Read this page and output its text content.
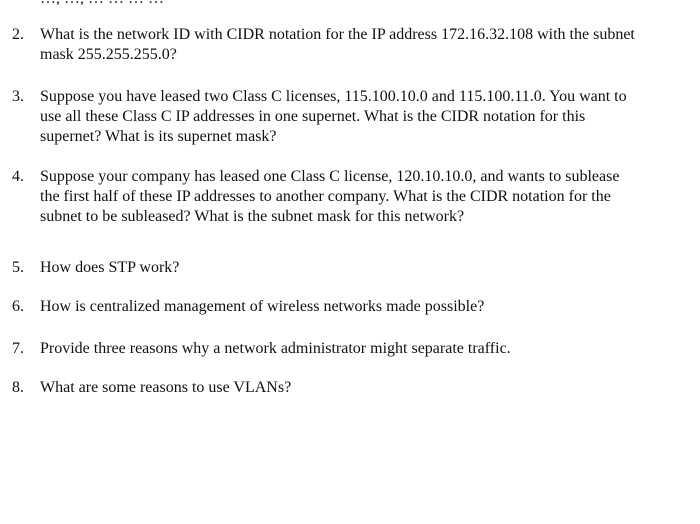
2.	What is the network ID with CIDR notation for the IP address 172.16.32.108 with the subnet
mask 255.255.255.0?
3.	Suppose you have leased two Class C licenses, 115.100.10.0 and 115.100.11.0. You want to
use all these Class C IP addresses in one supernet. What is the CIDR notation for this
supernet? What is its supernet mask?
4.	Suppose your company has leased one Class C license, 120.10.10.0, and wants to sublease
the first half of these IP addresses to another company. What is the CIDR notation for the
subnet to be subleased? What is the subnet mask for this network?
5.	How does STP work?
6.	How is centralized management of wireless networks made possible?
7.	Provide three reasons why a network administrator might separate traffic.
8.	What are some reasons to use VLANs?
